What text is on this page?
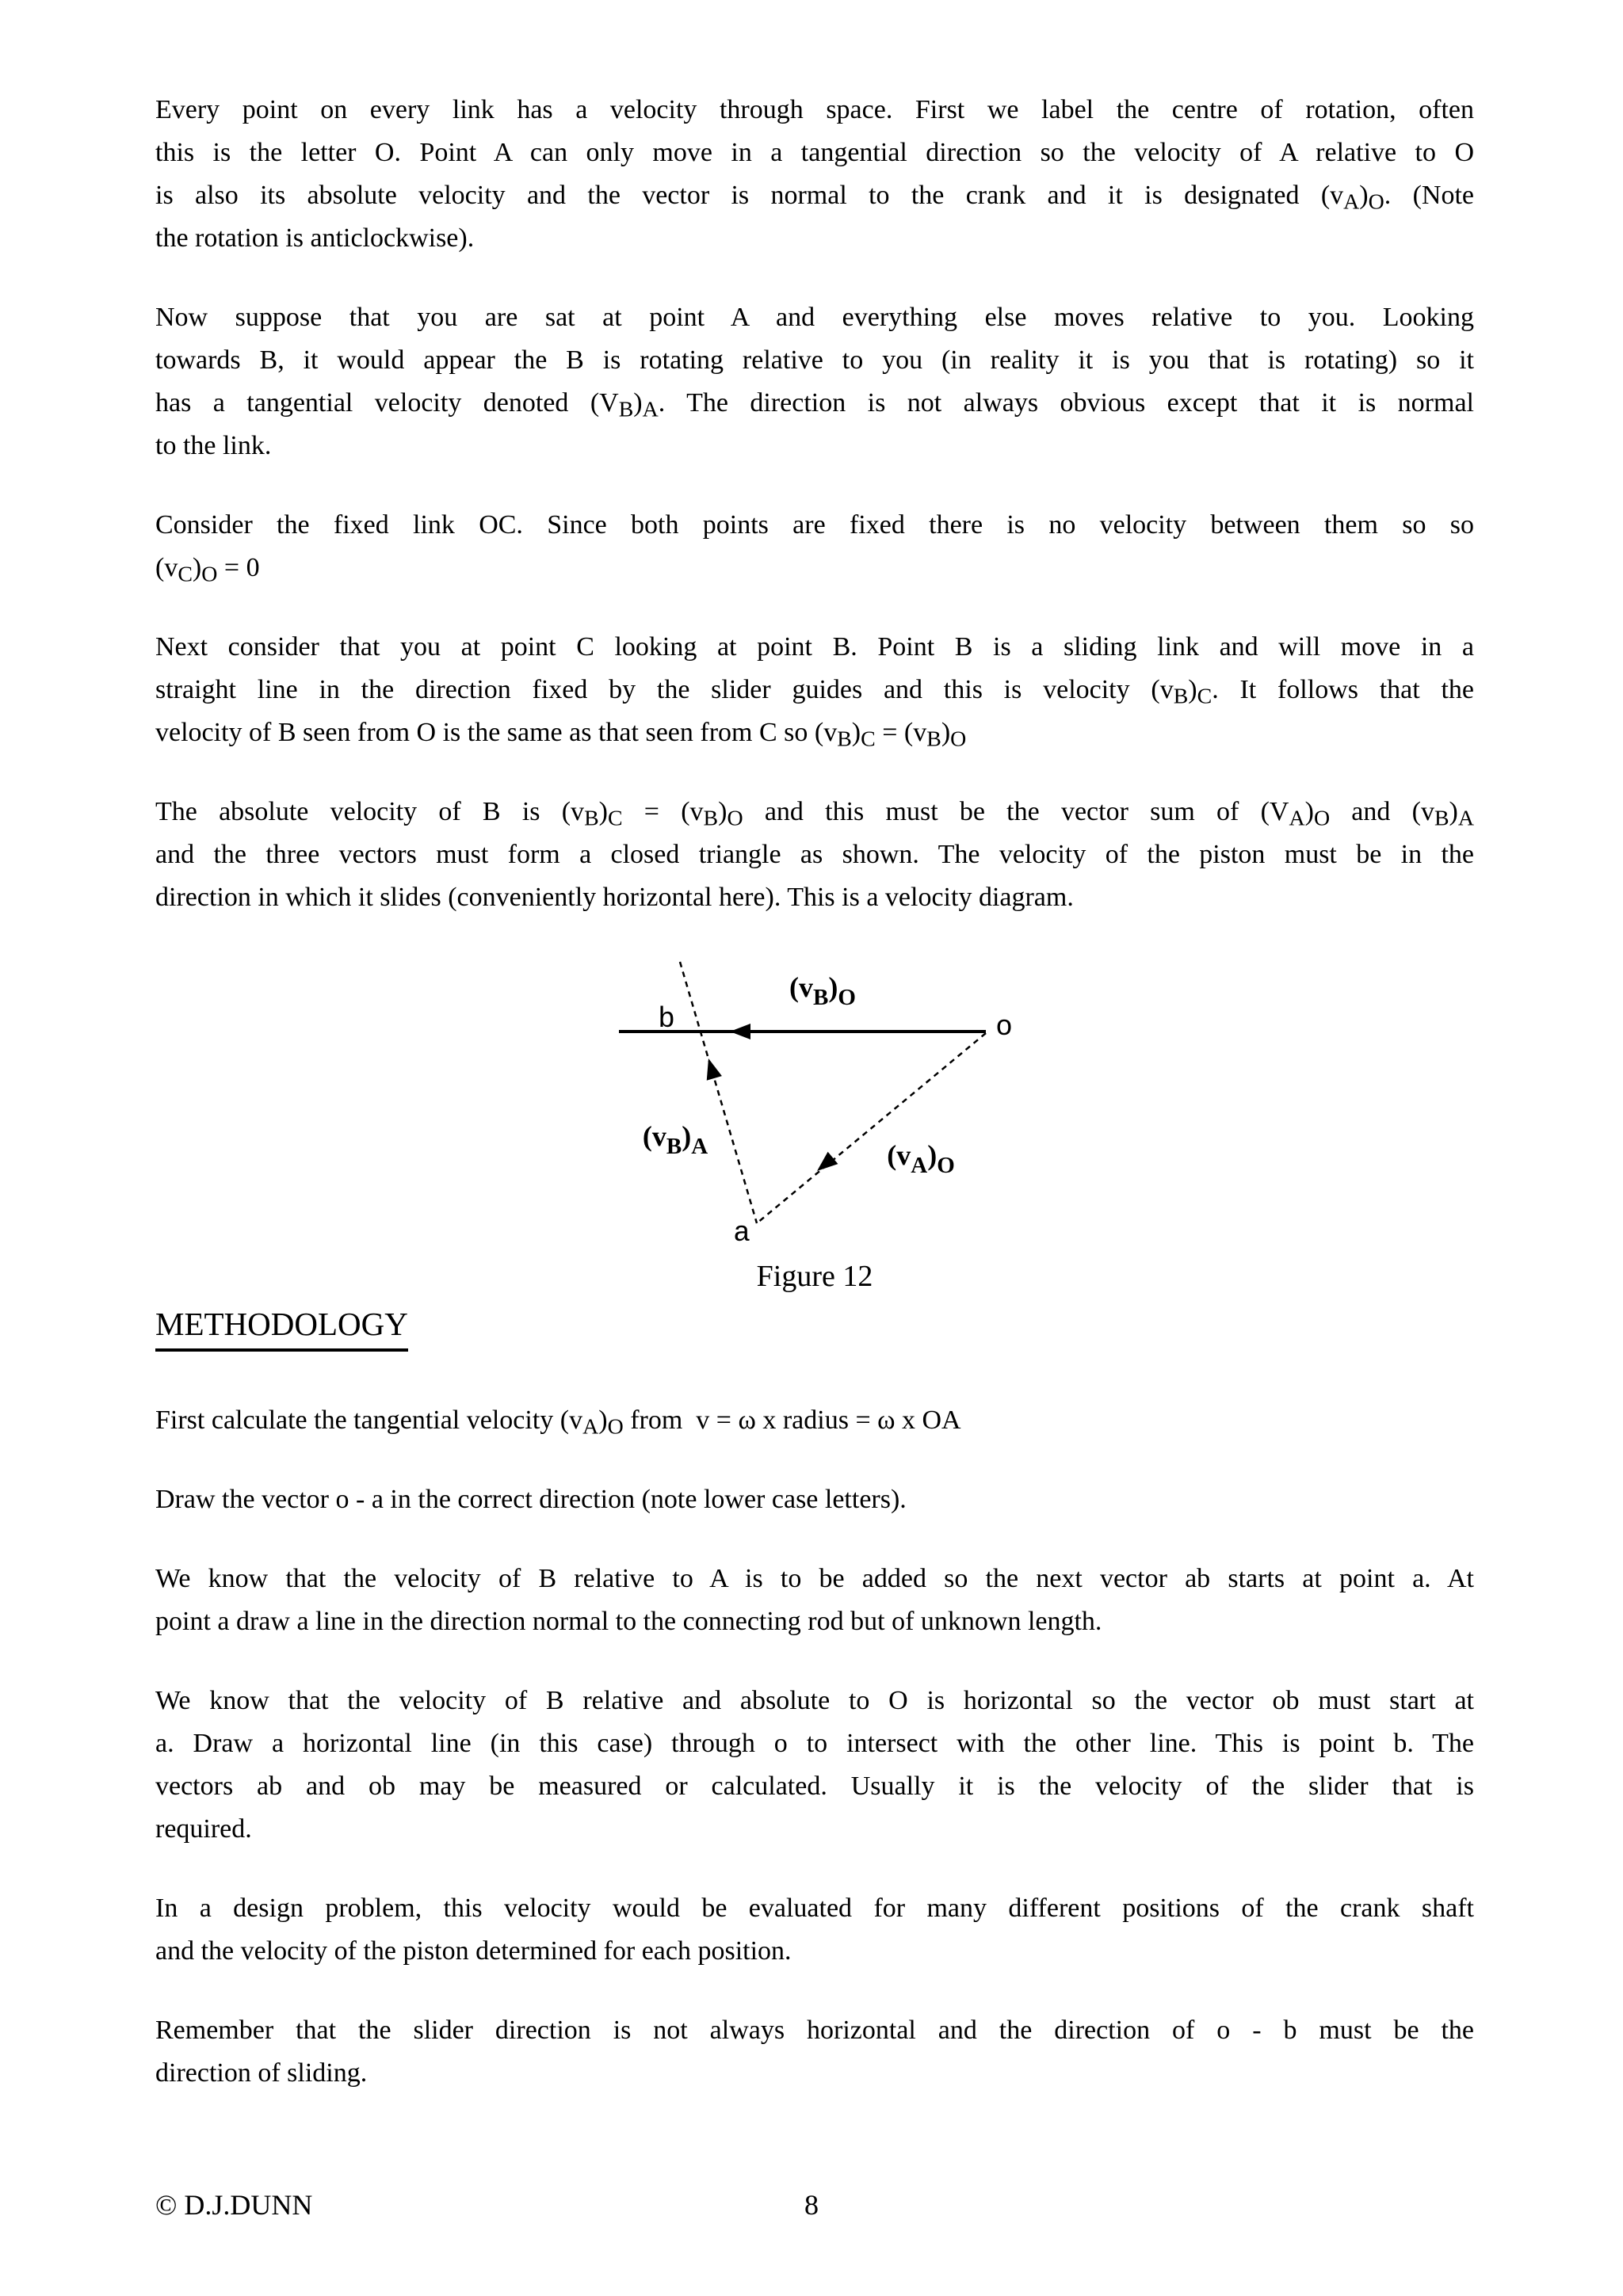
Every point on every link has a velocity through space. First we label the centre of rotation, often
this is the letter O. Point A can only move in a tangential direction so the velocity of A relative to O
is also its absolute velocity and the vector is normal to the crank and it is designated $(v_A)_O$. (Note
the rotation is anticlockwise).
Now suppose that you are sat at point A and everything else moves relative to you. Looking
towards B, it would appear the B is rotating relative to you (in reality it is you that is rotating) so it
has a tangential velocity denoted $(V_B)_A$. The direction is not always obvious except that it is normal
to the link.
Consider the fixed link OC. Since both points are fixed there is no velocity between them so so
$(v_C)_O = 0$
Next consider that you at point C looking at point B. Point B is a sliding link and will move in a
straight line in the direction fixed by the slider guides and this is velocity $(v_B)_C$. It follows that the
velocity of B seen from O is the same as that seen from C so $(v_B)_C = (v_B)_O$
The absolute velocity of B is $(v_B)_C = (v_B)_O$ and this must be the vector sum of $(V_A)_O$ and $(v_B)_A$
and the three vectors must form a closed triangle as shown. The velocity of the piston must be in the
direction in which it slides (conveniently horizontal here). This is a velocity diagram.
b	o
a
(vB)O
(vB)A	(vA)O
Figure 12
METHODOLOGY
First calculate the tangential velocity $(v_A)_O$ from  v = ω x radius = ω x OA
Draw the vector o - a in the correct direction (note lower case letters).
We know that the velocity of B relative to A is to be added so the next vector ab starts at point a. At
point a draw a line in the direction normal to the connecting rod but of unknown length.
We know that the velocity of B relative and absolute to O is horizontal so the vector ob must start at
a. Draw a horizontal line (in this case) through o to intersect with the other line. This is point b. The
vectors ab and ob may be measured or calculated. Usually it is the velocity of the slider that is
required.
In a design problem, this velocity would be evaluated for many different positions of the crank shaft
and the velocity of the piston determined for each position.
Remember that the slider direction is not always horizontal and the direction of o - b must be the
direction of sliding.
© D.J.DUNN	8
